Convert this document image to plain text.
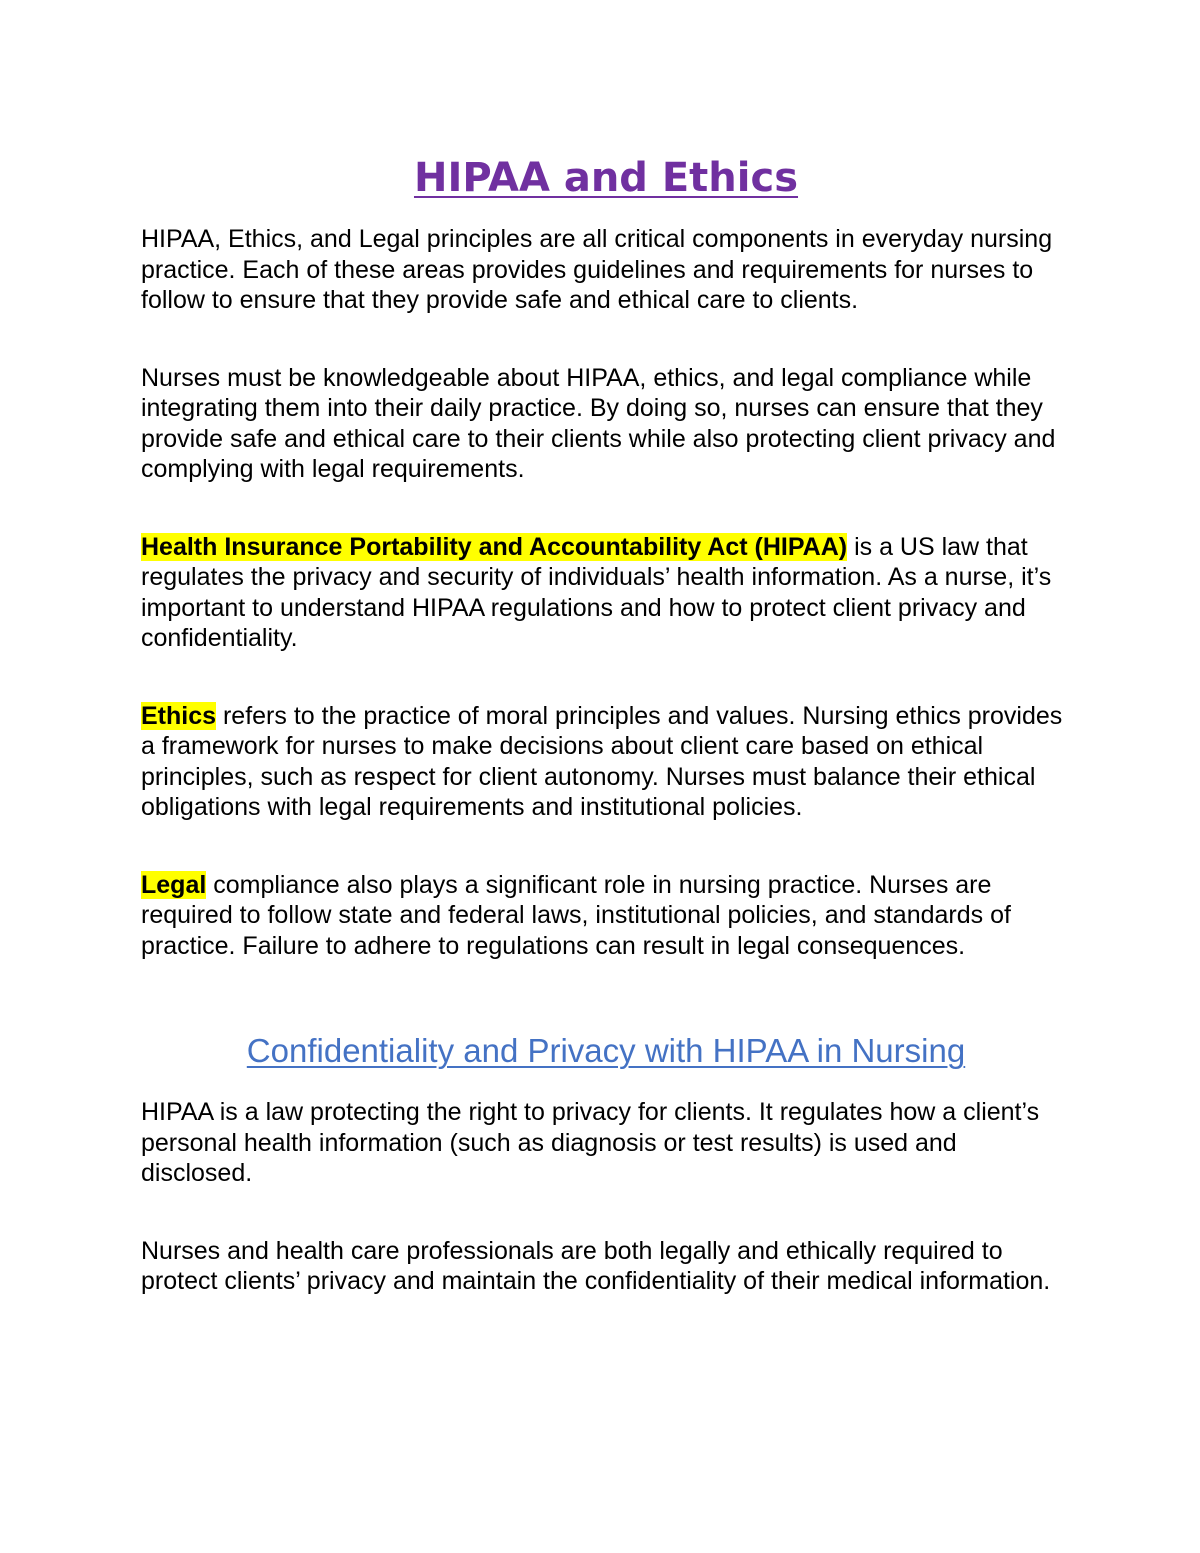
HIPAA and Ethics

HIPAA, Ethics, and Legal principles are all critical components in everyday nursing practice. Each of these areas provides guidelines and requirements for nurses to follow to ensure that they provide safe and ethical care to clients.

Nurses must be knowledgeable about HIPAA, ethics, and legal compliance while integrating them into their daily practice. By doing so, nurses can ensure that they provide safe and ethical care to their clients while also protecting client privacy and complying with legal requirements.

Health Insurance Portability and Accountability Act (HIPAA) is a US law that regulates the privacy and security of individuals’ health information. As a nurse, it’s important to understand HIPAA regulations and how to protect client privacy and confidentiality.

Ethics refers to the practice of moral principles and values. Nursing ethics provides a framework for nurses to make decisions about client care based on ethical principles, such as respect for client autonomy. Nurses must balance their ethical obligations with legal requirements and institutional policies.

Legal compliance also plays a significant role in nursing practice. Nurses are required to follow state and federal laws, institutional policies, and standards of practice. Failure to adhere to regulations can result in legal consequences.

Confidentiality and Privacy with HIPAA in Nursing

HIPAA is a law protecting the right to privacy for clients. It regulates how a client’s personal health information (such as diagnosis or test results) is used and disclosed.

Nurses and health care professionals are both legally and ethically required to protect clients’ privacy and maintain the confidentiality of their medical information.
